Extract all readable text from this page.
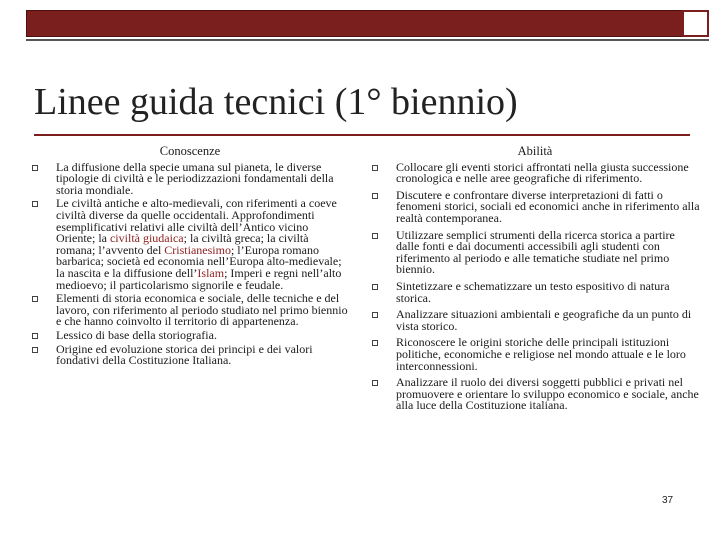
Linee guida tecnici (1° biennio)
Conoscenze
La diffusione della specie umana sul pianeta, le diverse tipologie di civiltà e le periodizzazioni fondamentali della storia mondiale.
Le civiltà antiche e alto-medievali, con riferimenti a coeve civiltà diverse da quelle occidentali. Approfondimenti esemplificativi relativi alle civiltà dell’Antico vicino Oriente; la civiltà giudaica; la civiltà greca; la civiltà romana; l’avvento del Cristianesimo; l’Europa romano barbarica; società ed economia nell’Europa alto-medievale; la nascita e la diffusione dell’Islam; Imperi e regni nell’alto medioevo; il particolarismo signorile e feudale.
Elementi di storia economica e sociale, delle tecniche e del lavoro, con riferimento al periodo studiato nel primo biennio e che hanno coinvolto il territorio di appartenenza.
Lessico di base della storiografia.
Origine ed evoluzione storica dei principi e dei valori fondativi della Costituzione Italiana.
Abilità
Collocare gli eventi storici affrontati nella giusta successione cronologica e nelle aree geografiche di riferimento.
Discutere e confrontare diverse interpretazioni di fatti o fenomeni storici, sociali ed economici anche in riferimento alla realtà contemporanea.
Utilizzare semplici strumenti della ricerca storica a partire dalle fonti e dai documenti accessibili agli studenti con riferimento al periodo e alle tematiche studiate nel primo biennio.
Sintetizzare e schematizzare un testo espositivo di natura storica.
Analizzare situazioni ambientali e geografiche da un punto di vista storico.
Riconoscere le origini storiche delle principali istituzioni politiche, economiche e religiose nel mondo attuale e le loro interconnessioni.
Analizzare il ruolo dei diversi soggetti pubblici e privati nel promuovere e orientare lo sviluppo economico e sociale, anche alla luce della Costituzione italiana.
37
